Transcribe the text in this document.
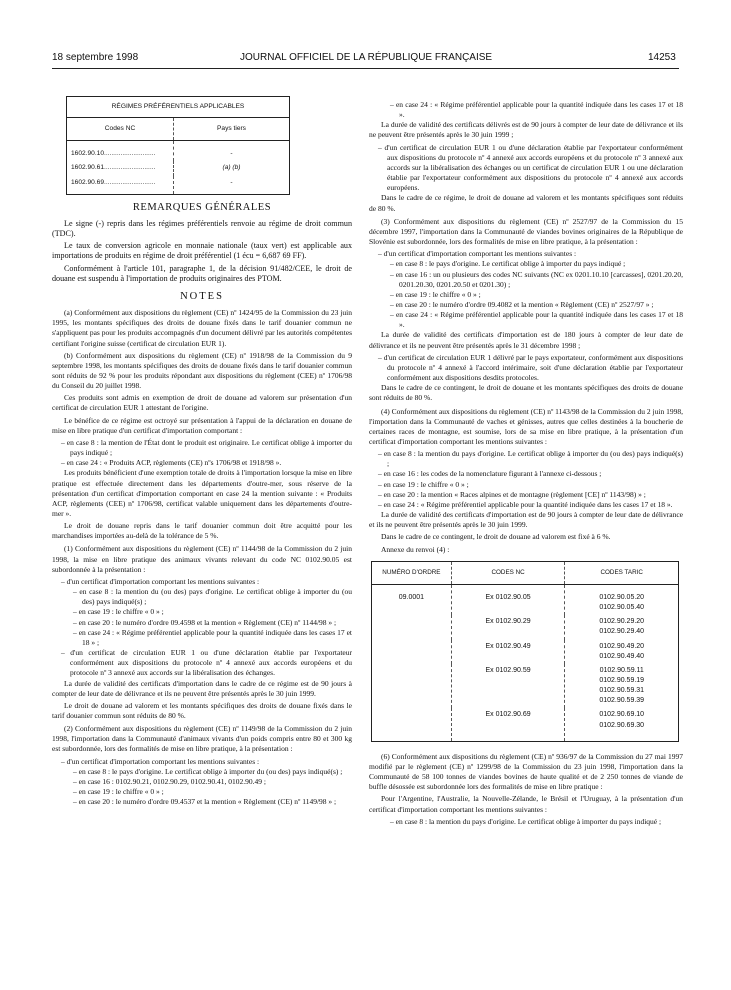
18 septembre 1998	JOURNAL OFFICIEL DE LA RÉPUBLIQUE FRANÇAISE	14253
RÉGIMES PRÉFÉRENTIELS APPLICABLES	
Codes NC	Pays tiers
1602.90.10............................	-
1602.90.61............................	(a) (b)
1602.90.69............................	-
REMARQUES GÉNÉRALES

Le signe (-) repris dans les régimes préférentiels renvoie au régime de droit commun (TDC).

Le taux de conversion agricole en monnaie nationale (taux vert) est applicable aux importations de produits en régime de droit préférentiel (1 écu = 6,687 69 FF).

Conformément à l'article 101, paragraphe 1, de la décision 91/482/CEE, le droit de douane est suspendu à l'importation de produits originaires des PTOM.

NOTES

(a) Conformément aux dispositions du règlement (CE) nº 1424/95 de la Commission du 23 juin 1995, les montants spécifiques des droits de douane fixés dans le tarif douanier commun ne s'appliquent pas pour les produits accompagnés d'un document délivré par les autorités compétentes certifiant l'origine suisse (certificat de circulation EUR 1).

(b) Conformément aux dispositions du règlement (CE) nº 1918/98 de la Commission du 9 septembre 1998, les montants spécifiques des droits de douane fixés dans le tarif douanier commun sont réduits de 92 % pour les produits répondant aux dispositions du règlement (CEE) nº 1706/98 du Conseil du 20 juillet 1998.

Ces produits sont admis en exemption de droit de douane ad valorem sur présentation d'un certificat de circulation EUR 1 attestant de l'origine.

Le bénéfice de ce régime est octroyé sur présentation à l'appui de la déclaration en douane de mise en libre pratique d'un certificat d'importation comportant :

– en case 8 : la mention de l'État dont le produit est originaire. Le certificat oblige à importer du pays indiqué ;

– en case 24 : « Produits ACP, règlements (CE) nºs 1706/98 et 1918/98 ».

Les produits bénéficient d'une exemption totale de droits à l'importation lorsque la mise en libre pratique est effectuée directement dans les départements d'outre-mer, sous réserve de la présentation d'un certificat d'importation comportant en case 24 la mention suivante : « Produits ACP, règlements (CEE) nº 1706/98, certificat valable uniquement dans les départements d'outre-mer ».

Le droit de douane repris dans le tarif douanier commun doit être acquitté pour les marchandises importées au-delà de la tolérance de 5 %.

(1) Conformément aux dispositions du règlement (CE) nº 1144/98 de la Commission du 2 juin 1998, la mise en libre pratique des animaux vivants relevant du code NC 0102.90.05 est subordonnée à la présentation :

– d'un certificat d'importation comportant les mentions suivantes :

– en case 8 : la mention du (ou des) pays d'origine. Le certificat oblige à importer du (ou des) pays indiqué(s) ;

– en case 19 : le chiffre « 0 » ;

– en case 20 : le numéro d'ordre 09.4598 et la mention « Règlement (CE) nº 1144/98 » ;

– en case 24 : « Régime préférentiel applicable pour la quantité indiquée dans les cases 17 et 18 » ;

– d'un certificat de circulation EUR 1 ou d'une déclaration établie par l'exportateur conformément aux dispositions du protocole nº 4 annexé aux accords européens et du protocole nº 3 annexé aux accords sur la libéralisation des échanges.

La durée de validité des certificats d'importation dans le cadre de ce régime est de 90 jours à compter de leur date de délivrance et ils ne peuvent être présentés après le 30 juin 1999.

Le droit de douane ad valorem et les montants spécifiques des droits de douane fixés dans le tarif douanier commun sont réduits de 80 %.

(2) Conformément aux dispositions du règlement (CE) nº 1149/98 de la Commission du 2 juin 1998, l'importation dans la Communauté d'animaux vivants d'un poids compris entre 80 et 300 kg est subordonnée, lors des formalités de mise en libre pratique, à la présentation :

– d'un certificat d'importation comportant les mentions suivantes :

– en case 8 : le pays d'origine. Le certificat oblige à importer du (ou des) pays indiqué(s) ;

– en case 16 : 0102.90.21, 0102.90.29, 0102.90.41, 0102.90.49 ;

– en case 19 : le chiffre « 0 » ;

– en case 20 : le numéro d'ordre 09.4537 et la mention « Règlement (CE) nº 1149/98 » ;

– en case 24 : « Régime préférentiel applicable pour la quantité indiquée dans les cases 17 et 18 ».

La durée de validité des certificats délivrés est de 90 jours à compter de leur date de délivrance et ils ne peuvent être présentés après le 30 juin 1999 ;

– d'un certificat de circulation EUR 1 ou d'une déclaration établie par l'exportateur conformément aux dispositions du protocole nº 4 annexé aux accords européens et du protocole nº 3 annexé aux accords sur la libéralisation des échanges ou un certificat de circulation EUR 1 ou une déclaration établie par l'exportateur conformément aux dispositions du protocole nº 4 annexé aux accords européens.

Dans le cadre de ce régime, le droit de douane ad valorem et les montants spécifiques sont réduits de 80 %.

(3) Conformément aux dispositions du règlement (CE) nº 2527/97 de la Commission du 15 décembre 1997, l'importation dans la Communauté de viandes bovines originaires de la République de Slovénie est subordonnée, lors des formalités de mise en libre pratique, à la présentation :

– d'un certificat d'importation comportant les mentions suivantes :

– en case 8 : le pays d'origine. Le certificat oblige à importer du pays indiqué ;

– en case 16 : un ou plusieurs des codes NC suivants (NC ex 0201.10.10 [carcasses], 0201.20.20, 0201.20.30, 0201.20.50 et 0201.30) ;

– en case 19 : le chiffre « 0 » ;

– en case 20 : le numéro d'ordre 09.4082 et la mention « Règlement (CE) nº 2527/97 » ;

– en case 24 : « Régime préférentiel applicable pour la quantité indiquée dans les cases 17 et 18 ».

La durée de validité des certificats d'importation est de 180 jours à compter de leur date de délivrance et ils ne peuvent être présentés après le 31 décembre 1998 ;

– d'un certificat de circulation EUR 1 délivré par le pays exportateur, conformément aux dispositions du protocole nº 4 annexé à l'accord intérimaire, soit d'une déclaration établie par l'exportateur conformément aux dispositions desdits protocoles.

Dans le cadre de ce contingent, le droit de douane et les montants spécifiques des droits de douane sont réduits de 80 %.

(4) Conformément aux dispositions du règlement (CE) nº 1143/98 de la Commission du 2 juin 1998, l'importation dans la Communauté de vaches et génisses, autres que celles destinées à la boucherie de certaines races de montagne, est soumise, lors de sa mise en libre pratique, à la présentation d'un certificat d'importation comportant les mentions suivantes :

– en case 8 : la mention du pays d'origine. Le certificat oblige à importer du (ou des) pays indiqué(s) ;

– en case 16 : les codes de la nomenclature figurant à l'annexe ci-dessous ;

– en case 19 : le chiffre « 0 » ;

– en case 20 : la mention « Races alpines et de montagne (règlement [CE] nº 1143/98) » ;

– en case 24 : « Régime préférentiel applicable pour la quantité indiquée dans les cases 17 et 18 ».

La durée de validité des certificats d'importation est de 90 jours à compter de leur date de délivrance et ils ne peuvent être présentés après le 30 juin 1999.

Dans le cadre de ce contingent, le droit de douane ad valorem est fixé à 6 %.

Annexe du renvoi (4) :

NUMÉRO D'ORDRE	CODES NC	CODES TARIC
09.0001	Ex 0102.90.05	0102.90.05.20
0102.90.05.40

	Ex 0102.90.29	0102.90.29.20
0102.90.29.40

	Ex 0102.90.49	0102.90.49.20
0102.90.49.40

	Ex 0102.90.59	0102.90.59.11
0102.90.59.19
0102.90.59.31
0102.90.59.39

	Ex 0102.90.69	0102.90.69.10
0102.90.69.30

(6) Conformément aux dispositions du règlement (CE) nº 936/97 de la Commission du 27 mai 1997 modifié par le règlement (CE) nº 1299/98 de la Commission du 23 juin 1998, l'importation dans la Communauté de 58 100 tonnes de viandes bovines de haute qualité et de 2 250 tonnes de viande de buffle désossée est subordonnée lors des formalités de mise en libre pratique :

Pour l'Argentine, l'Australie, la Nouvelle-Zélande, le Brésil et l'Uruguay, à la présentation d'un certificat d'importation comportant les mentions suivantes :

– en case 8 : la mention du pays d'origine. Le certificat oblige à importer du pays indiqué ;
